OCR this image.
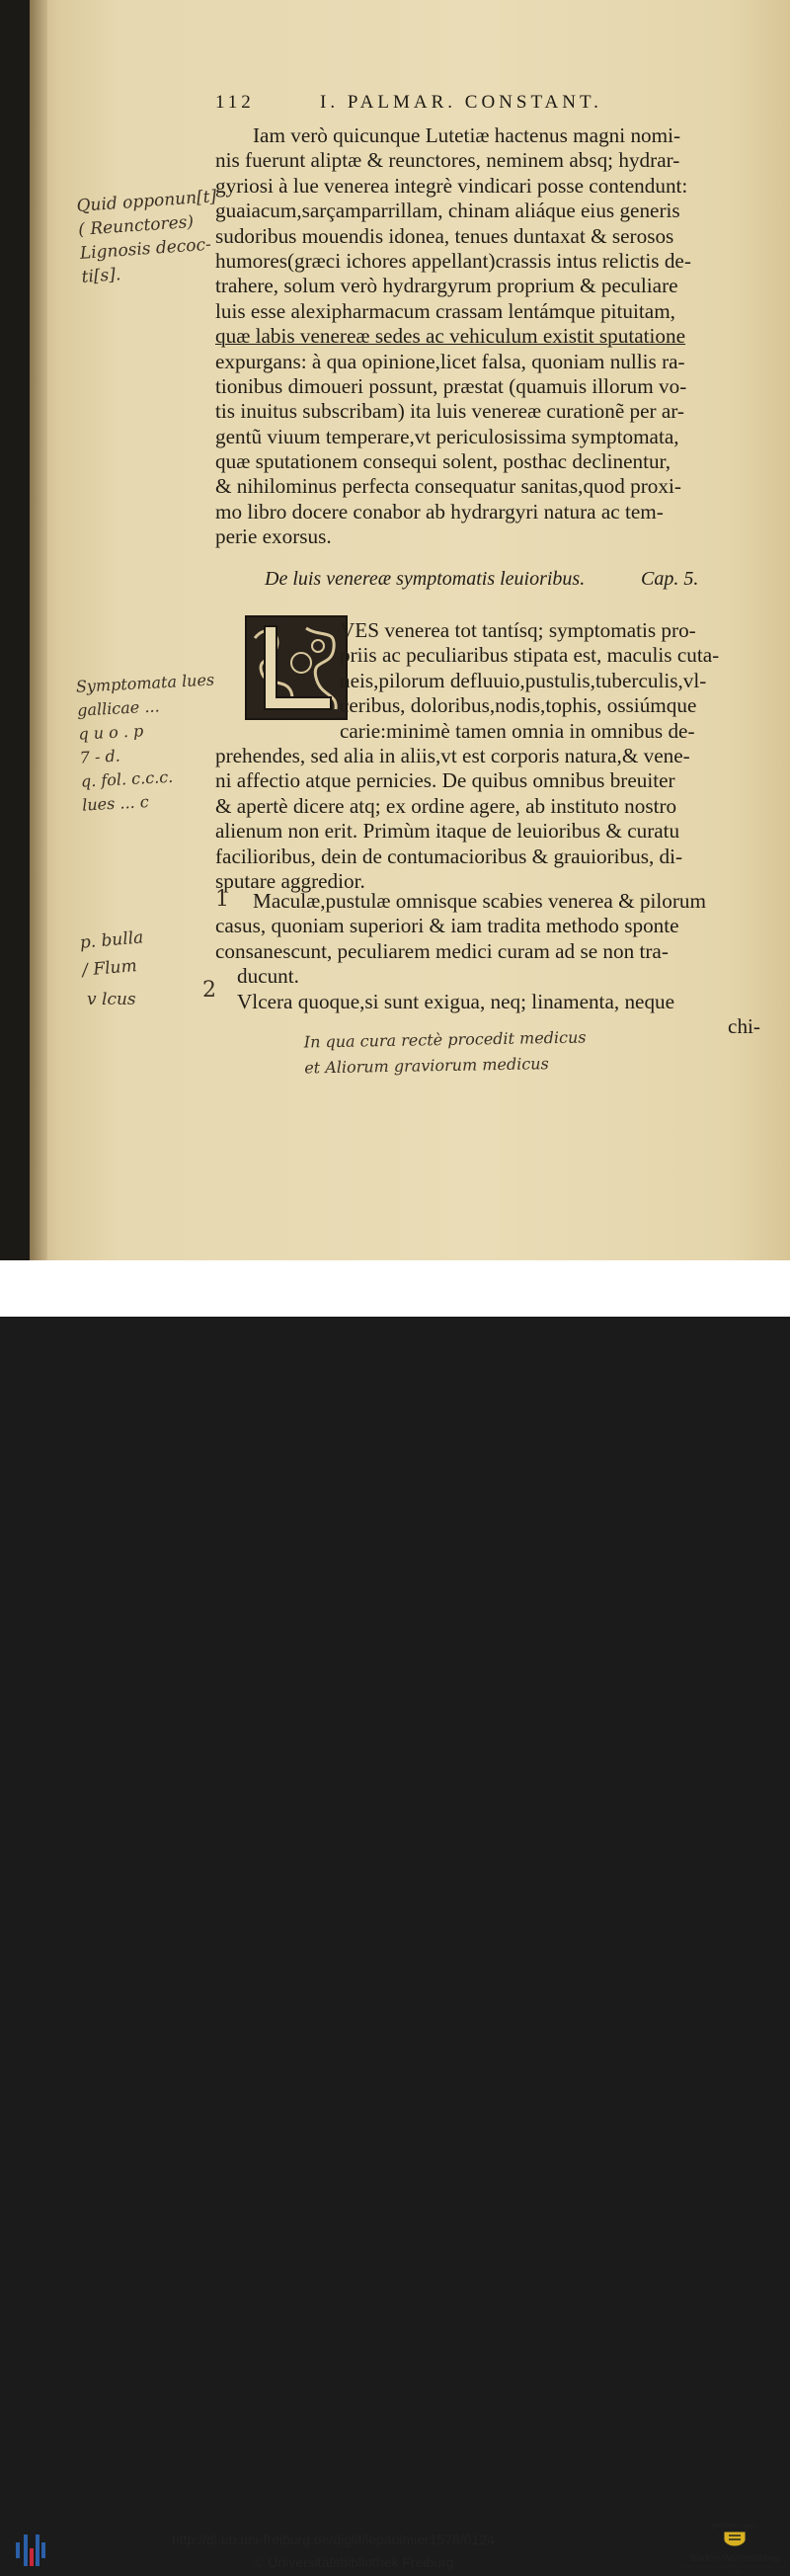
112	I. PALMAR. CONSTANT.
Iam verò quicunque Lutetiæ hactenus magni nomi-
nis fuerunt aliptæ & reunctores, neminem absq; hydrar-
gyriosi à lue venerea integrè vindicari posse contendunt:
guaiacum,sarçamparrillam, chinam aliáque eius generis
sudoribus mouendis idonea, tenues duntaxat & serosos
humores(græci ichores appellant)crassis intus relictis de-
trahere, solum verò hydrargyrum proprium & peculiare
luis esse alexipharmacum crassam lentámque pituitam,
quæ labis venereæ sedes ac vehiculum existit sputatione
expurgans: à qua opinione,licet falsa, quoniam nullis ra-
tionibus dimoueri possunt, præstat (quamuis illorum vo-
tis inuitus subscribam) ita luis venereæ curationẽ per ar-
gentũ viuum temperare,vt periculosissima symptomata,
quæ sputationem consequi solent, posthac declinentur,
& nihilominus perfecta consequatur sanitas,quod proxi-
mo libro docere conabor ab hydrargyri natura ac tem-
perie exorsus.
De luis venereæ symptomatis leuioribus.	Cap. 5.
VES venerea tot tantísq; symptomatis pro-
priis ac peculiaribus stipata est, maculis cuta-
neis,pilorum defluuio,pustulis,tuberculis,vl-
ceribus, doloribus,nodis,tophis, ossiúmque
carie:minimè tamen omnia in omnibus de-
prehendes, sed alia in aliis,vt est corporis natura,& vene-
ni affectio atque pernicies. De quibus omnibus breuiter
& apertè dicere atq; ex ordine agere, ab instituto nostro
alienum non erit. Primùm itaque de leuioribus & curatu
facilioribus, dein de contumacioribus & grauioribus, di-
sputare aggredior.
Maculæ,pustulæ omnisque scabies venerea & pilorum
casus, quoniam superiori & iam tradita methodo sponte
consanescunt, peculiarem medici curam ad se non tra-
ducunt.
Vlcera quoque,si sunt exigua, neq; linamenta, neque
chi-
Quid opponun[t]
( Reunctores)
Lignosis decoc-
ti[s].
Symptomata lues
gallicae ...
q u o . p
7 - d.
q. fol. c.c.c.
lues ... c
p. bulla
/ Flum
v lcus
In qua cura rectè procedit medicus
et Aliorum graviorum medicus
1
2
http://dl.ub.uni-freiburg.de/diglit/lepaulmier1578/0124
© Universitätsbibliothek Freiburg
gefördert durch
Baden-Württemberg
MINISTERIUM FÜR WISSENSCHAFT, FORSCHUNG UND KUNST
